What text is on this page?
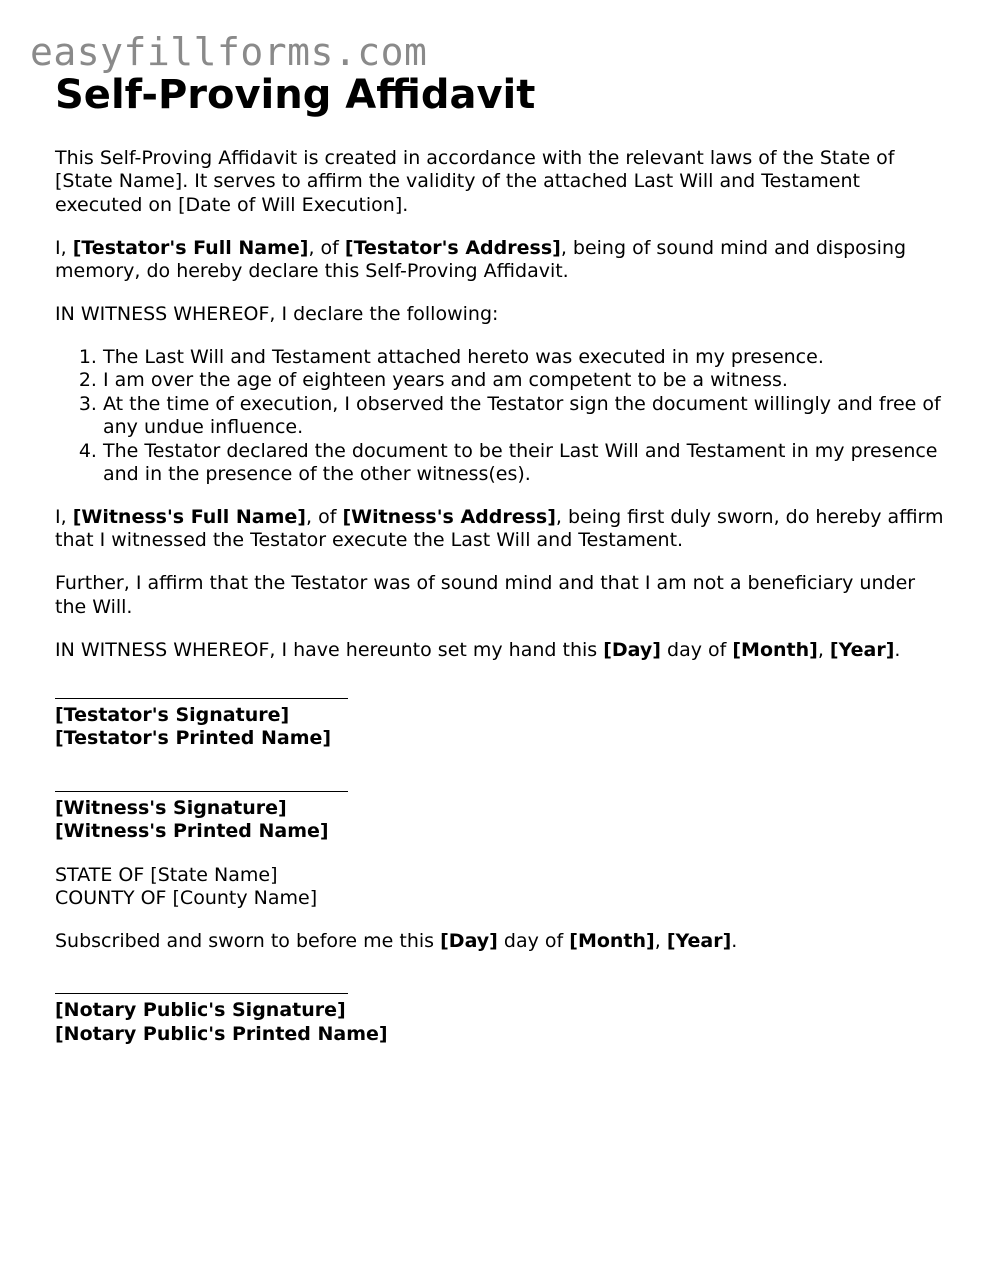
easyfillforms.com
Self-Proving Affidavit

This Self-Proving Affidavit is created in accordance with the relevant laws of the State of [State Name]. It serves to affirm the validity of the attached Last Will and Testament executed on [Date of Will Execution].

I, [Testator's Full Name], of [Testator's Address], being of sound mind and disposing memory, do hereby declare this Self-Proving Affidavit.

IN WITNESS WHEREOF, I declare the following:

1. The Last Will and Testament attached hereto was executed in my presence.
2. I am over the age of eighteen years and am competent to be a witness.
3. At the time of execution, I observed the Testator sign the document willingly and free of any undue influence.
4. The Testator declared the document to be their Last Will and Testament in my presence and in the presence of the other witness(es).

I, [Witness's Full Name], of [Witness's Address], being first duly sworn, do hereby affirm that I witnessed the Testator execute the Last Will and Testament.

Further, I affirm that the Testator was of sound mind and that I am not a beneficiary under the Will.

IN WITNESS WHEREOF, I have hereunto set my hand this [Day] day of [Month], [Year].

[Testator's Signature]
[Testator's Printed Name]
[Witness's Signature]
[Witness's Printed Name]

STATE OF [State Name]
COUNTY OF [County Name]

Subscribed and sworn to before me this [Day] day of [Month], [Year].

[Notary Public's Signature]
[Notary Public's Printed Name]
